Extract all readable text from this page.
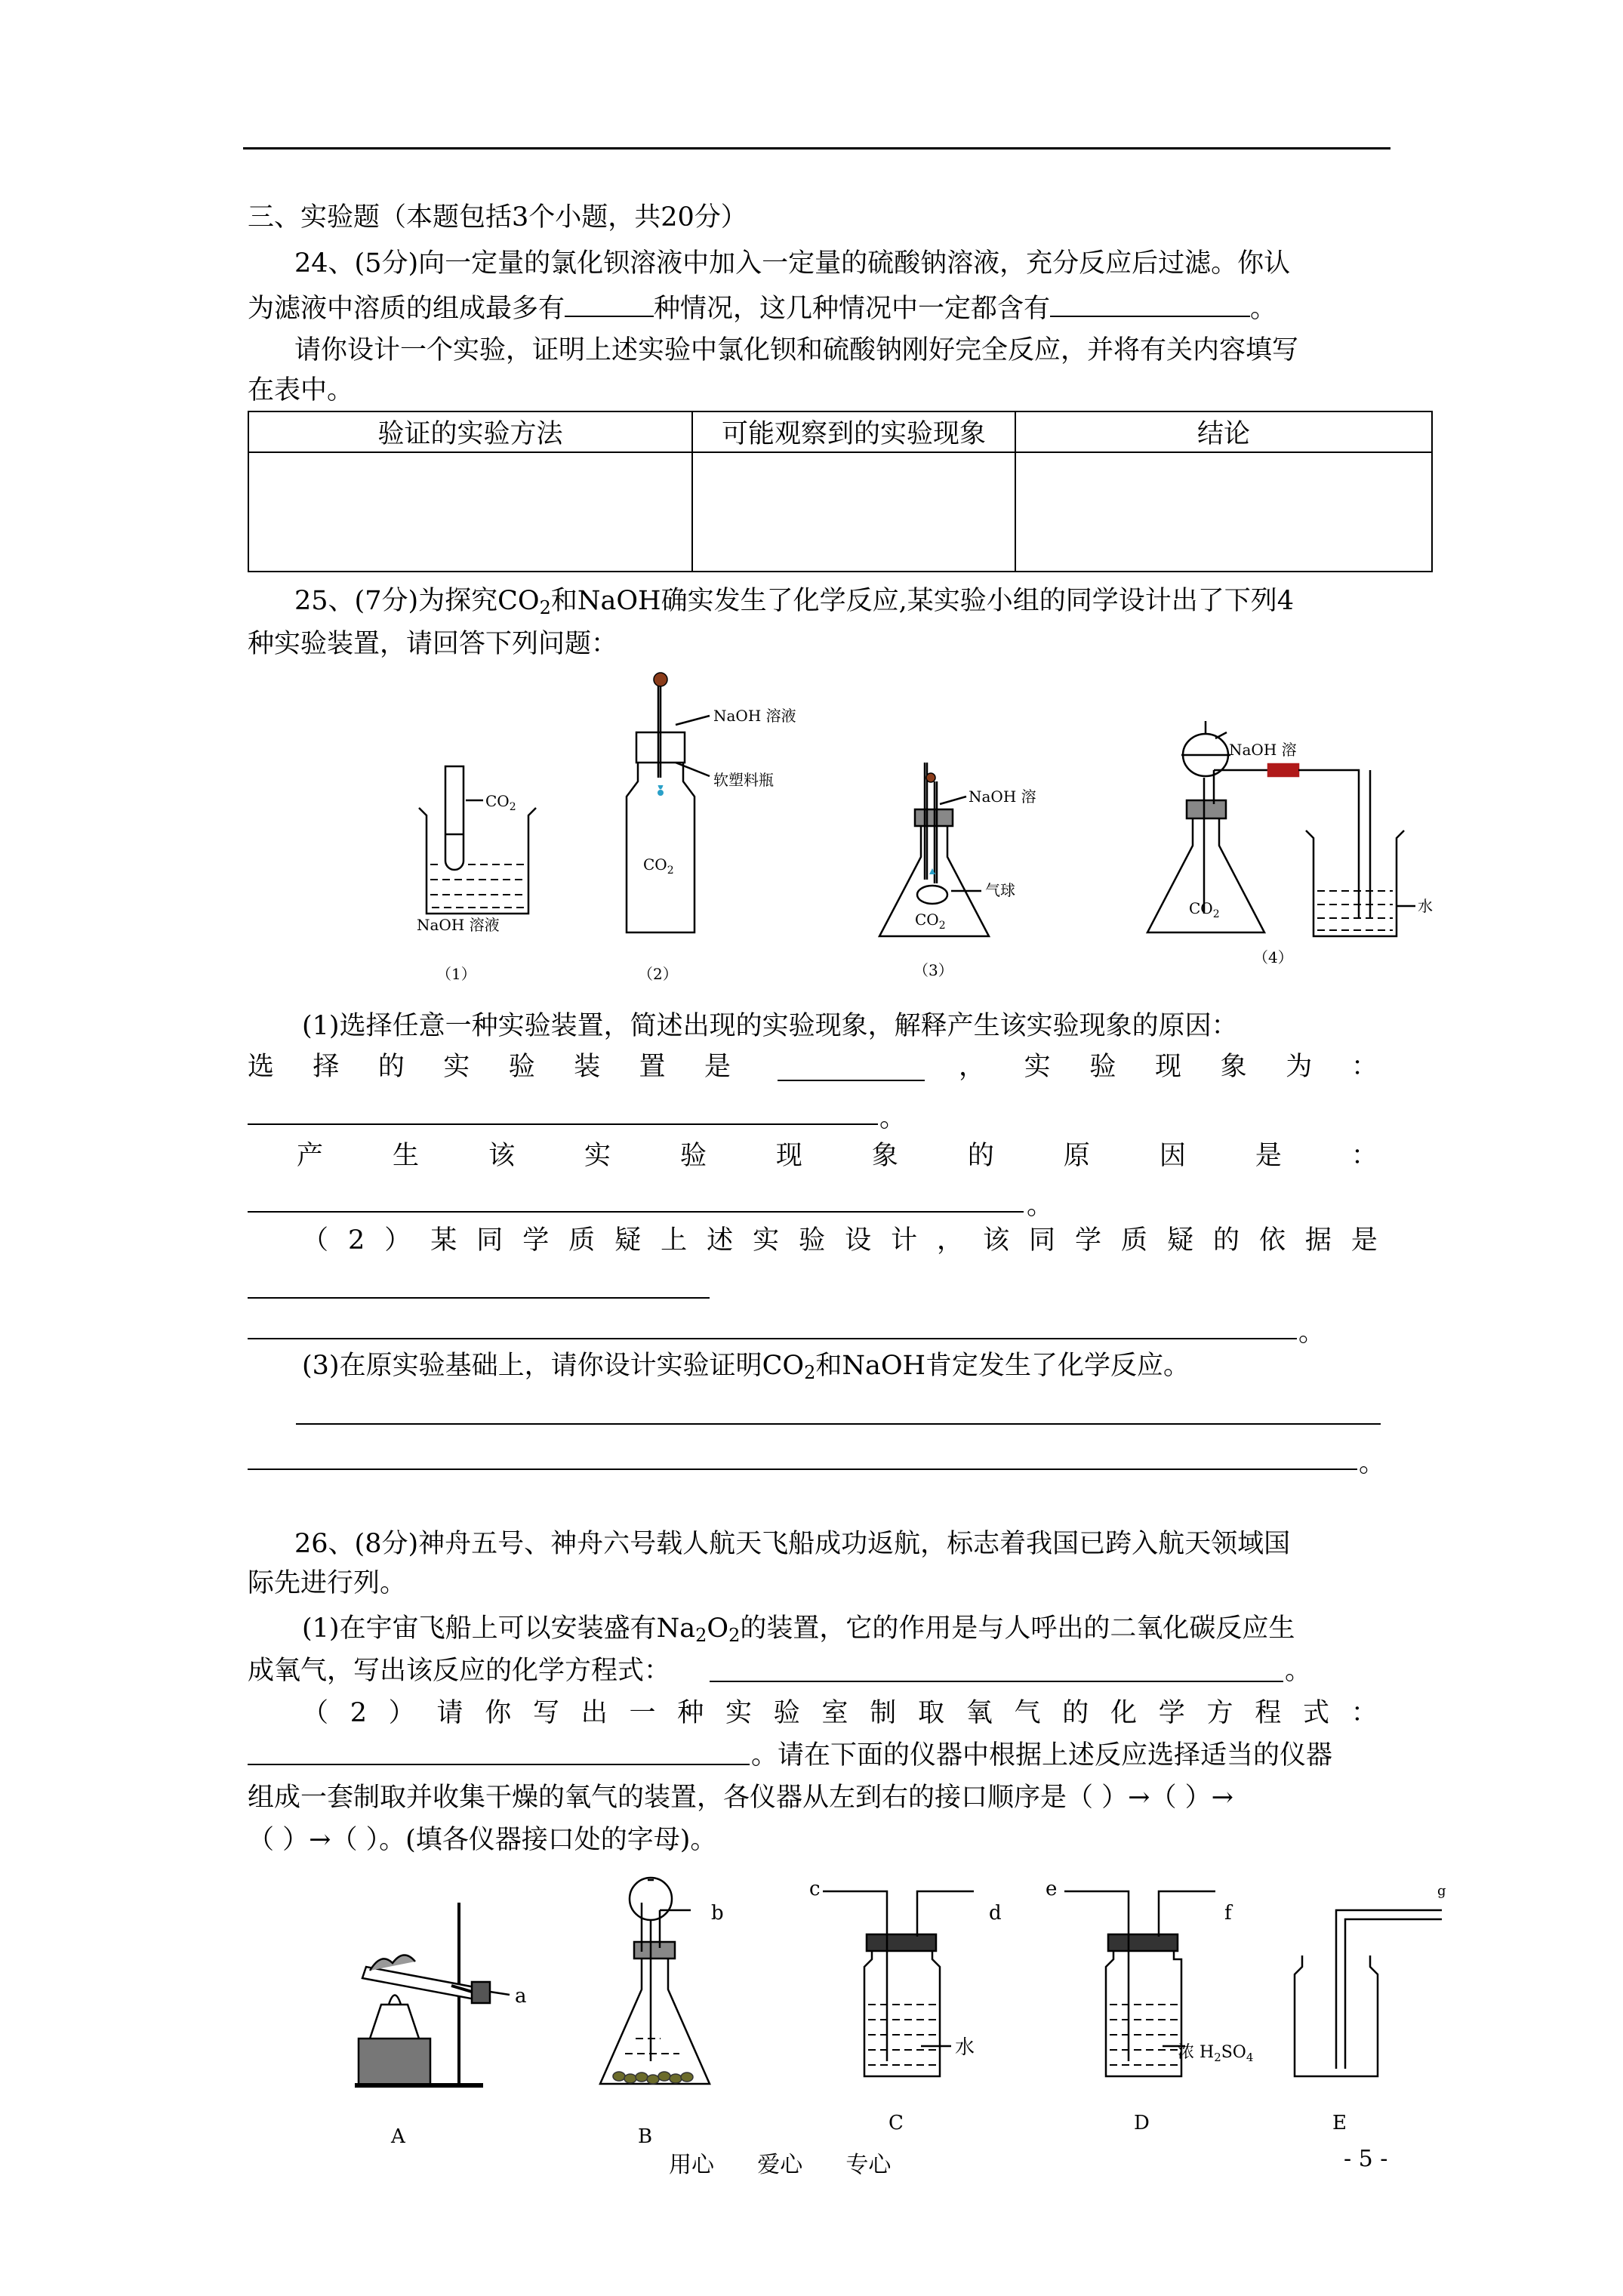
三、实验题（本题包括3个小题，共20分）
24、(5分)向一定量的氯化钡溶液中加入一定量的硫酸钠溶液，充分反应后过滤。你认
为滤液中溶质的组成最多有	种情况，这几种情况中一定都含有	。
请你设计一个实验，证明上述实验中氯化钡和硫酸钠刚好完全反应，并将有关内容填写
在表中。
验证的实验方法	可能观察到的实验现象	结论

25、(7分)为探究$CO_2$和NaOH确实发生了化学反应,某实验小组的同学设计出了下列4
种实验装置，请回答下列问题：
$CO_2$
NaOH 溶液
NaOH 溶液
软塑料瓶
$CO_2$
NaOH 溶
气球
$CO_2$
NaOH 溶
$CO_2$	水
（1）	（2）	（3）
（4）
(1)选择任意一种实验装置，简述出现的实验现象，解释产生该实验现象的原因：
选 择 的 实 验 装 置 是	， 实 验 现 象 为 ：
。
产	生	该	实	验	现	象	的	原	因	是	：
。
（ 2 ） 某 同 学 质 疑 上 述 实 验 设 计 ， 该 同 学 质 疑 的 依 据 是
。
(3)在原实验基础上，请你设计实验证明$CO_2$和NaOH肯定发生了化学反应。
。
26、(8分)神舟五号、神舟六号载人航天飞船成功返航，标志着我国已跨入航天领域国
际先进行列。
(1)在宇宙飞船上可以安装盛有$Na_2O_2$的装置，它的作用是与人呼出的二氧化碳反应生
成氧气，写出该反应的化学方程式：	。
（ 2 ） 请 你 写 出 一 种 实 验 室 制 取 氧 气 的 化 学 方 程 式 ：
。请在下面的仪器中根据上述反应选择适当的仪器
组成一套制取并收集干燥的氧气的装置，各仪器从左到右的接口顺序是（ ）→（ ）→
（ ）→（ ）。(填各仪器接口处的字母)。
a
b
c
d
e
f
g
水	浓 $H_2SO_4$
A	B
C	D	E
用心      爱心      专心	- 5 -
